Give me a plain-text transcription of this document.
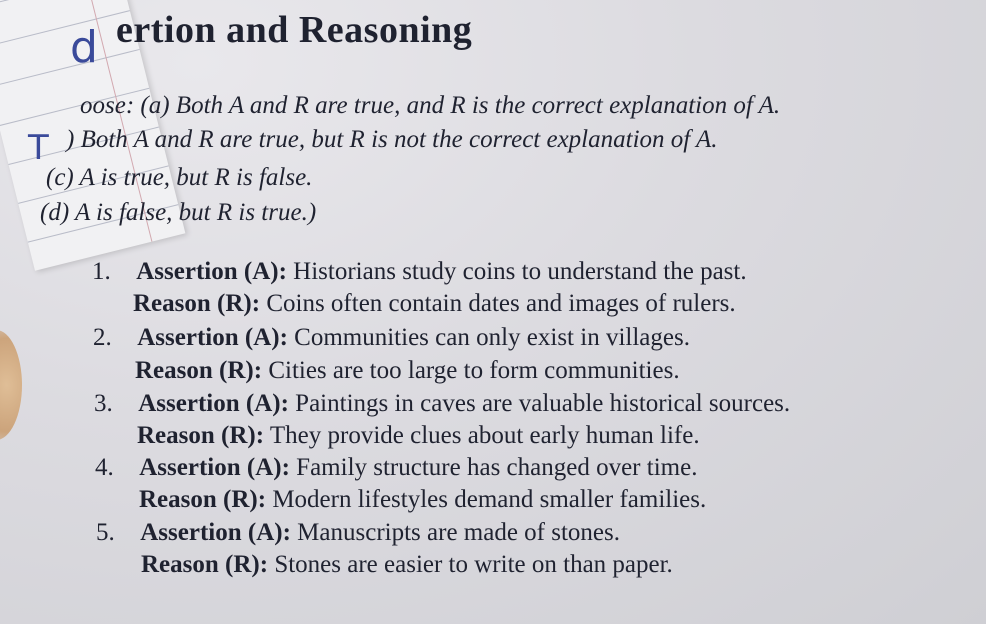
d
T
ertion and Reasoning
oose: (a) Both A and R are true, and R is the correct explanation of A.
) Both A and R are true, but R is not the correct explanation of A.
(c) A is true, but R is false.
(d) A is false, but R is true.)
1. Assertion (A): Historians study coins to understand the past.
Reason (R): Coins often contain dates and images of rulers.
2. Assertion (A): Communities can only exist in villages.
Reason (R): Cities are too large to form communities.
3. Assertion (A): Paintings in caves are valuable historical sources.
Reason (R): They provide clues about early human life.
4. Assertion (A): Family structure has changed over time.
Reason (R): Modern lifestyles demand smaller families.
5. Assertion (A): Manuscripts are made of stones.
Reason (R): Stones are easier to write on than paper.
